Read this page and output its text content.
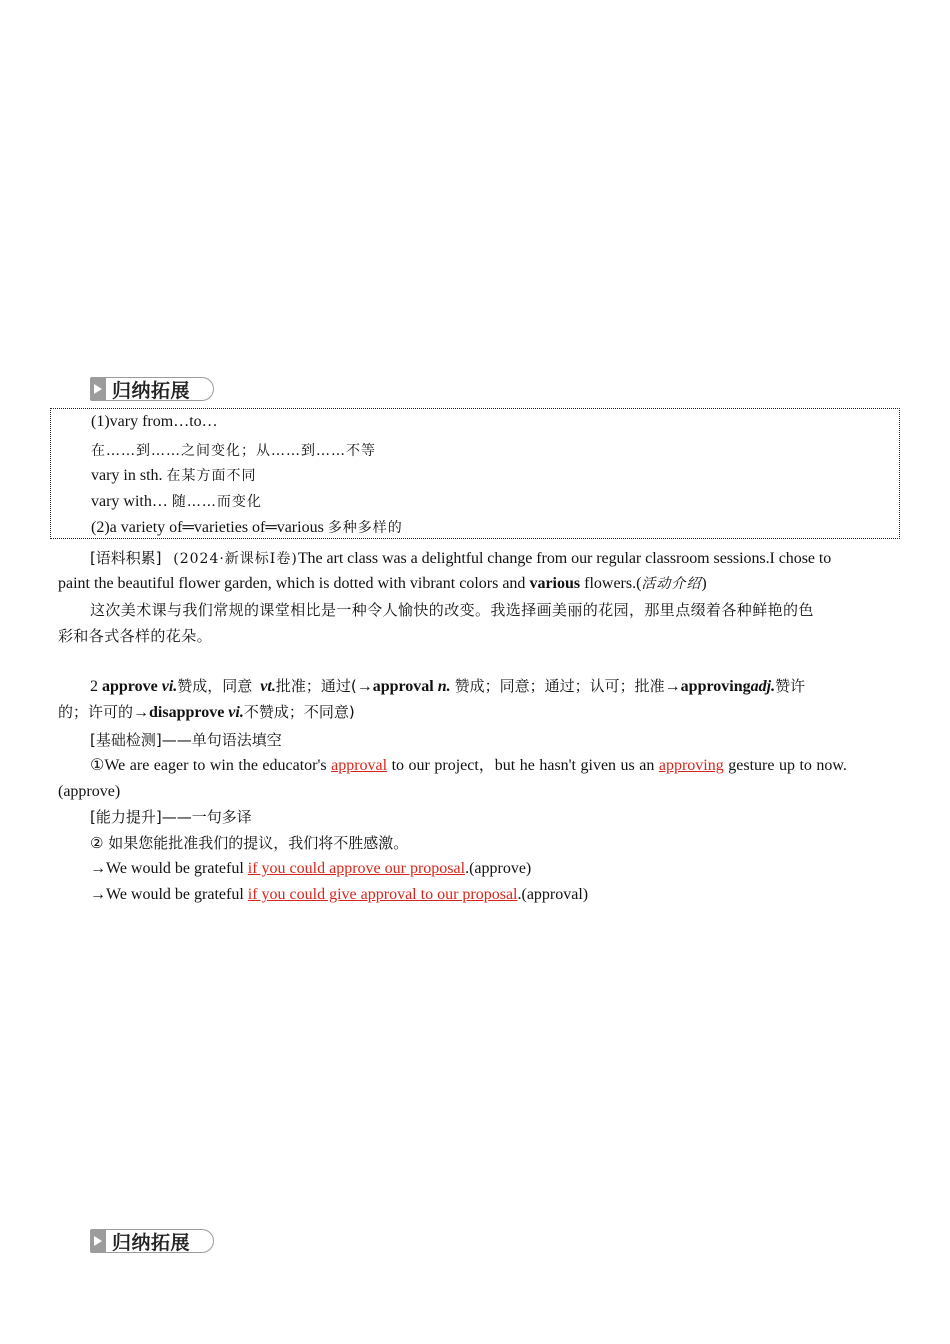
归纳拓展
(1)vary from…to…
在……到……之间变化；从……到……不等
vary in sth. 在某方面不同
vary with… 随……而变化
(2)a variety of═varieties of═various 多种多样的
[语料积累] (2024·新课标Ⅰ卷)The art class was a delightful change from our regular classroom sessions.I chose to
paint the beautiful flower garden, which is dotted with vibrant colors and various flowers.(活动介绍)
这次美术课与我们常规的课堂相比是一种令人愉快的改变。我选择画美丽的花园，那里点缀着各种鲜艳的色
彩和各式各样的花朵。
2 approve vi.赞成，同意 vt.批准；通过(→approval n. 赞成；同意；通过；认可；批准→approvingadj.赞许
的；许可的→disapprove vi.不赞成；不同意)
[基础检测]——单句语法填空
①We are eager to win the educator's approval to our project，but he hasn't given us an approving gesture up to now.
(approve)
[能力提升]——一句多译
② 如果您能批准我们的提议，我们将不胜感激。
→We would be grateful if you could approve our proposal.(approve)
→We would be grateful if you could give approval to our proposal.(approval)
归纳拓展
